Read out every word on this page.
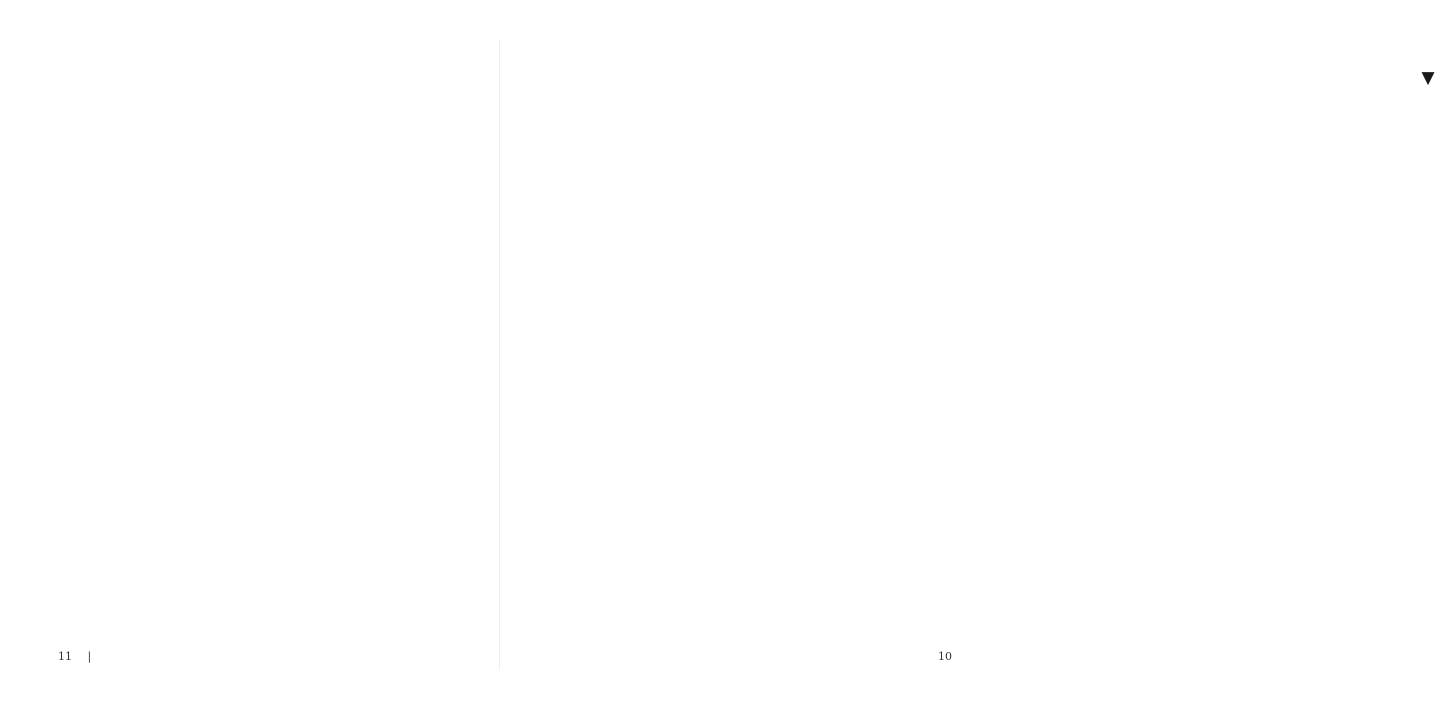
▼
10
11 |
